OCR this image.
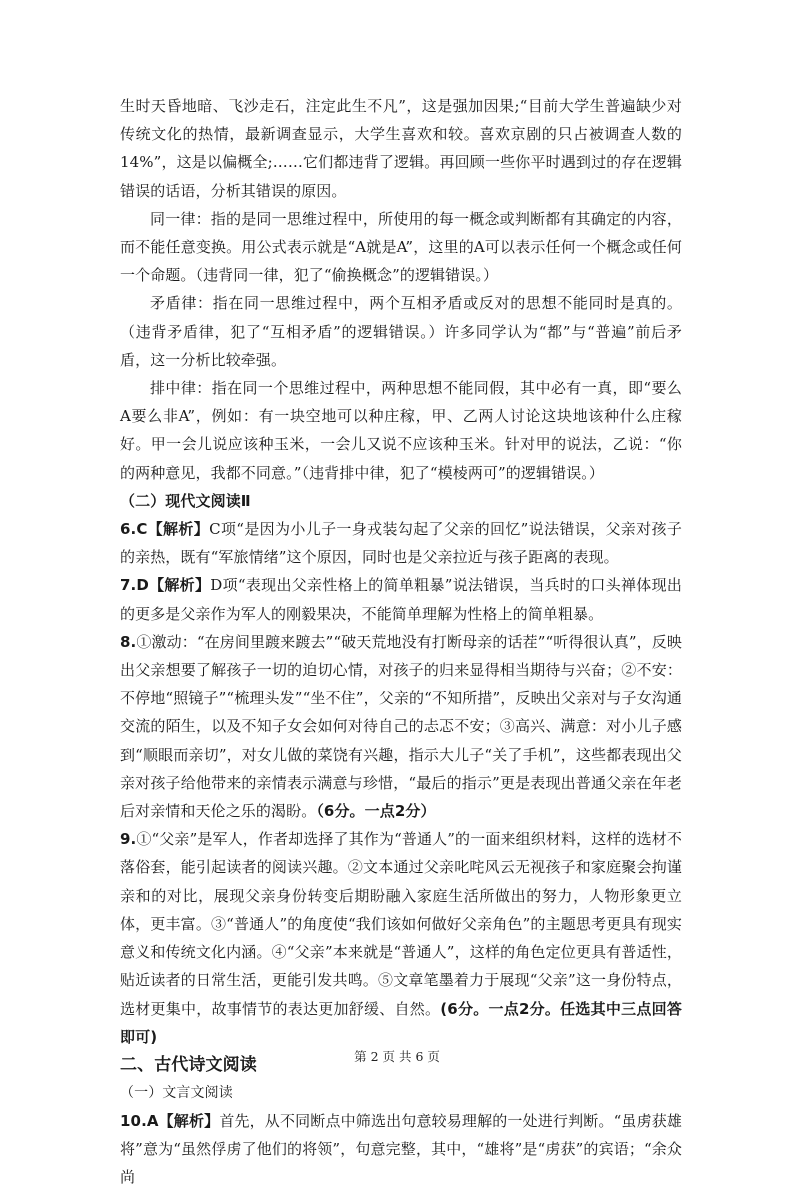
生时天昏地暗、飞沙走石，注定此生不凡”，这是强加因果;“目前大学生普遍缺少对传统文化的热情，最新调查显示，大学生喜欢和较。喜欢京剧的只占被调查人数的14%”，这是以偏概全;……它们都违背了逻辑。再回顾一些你平时遇到过的存在逻辑错误的话语，分析其错误的原因。

同一律：指的是同一思维过程中，所使用的每一概念或判断都有其确定的内容，而不能任意变换。用公式表示就是“A就是A”，这里的A可以表示任何一个概念或任何一个命题。（违背同一律，犯了“偷换概念”的逻辑错误。）

矛盾律：指在同一思维过程中，两个互相矛盾或反对的思想不能同时是真的。（违背矛盾律，犯了“互相矛盾”的逻辑错误。）许多同学认为“都”与“普遍”前后矛盾，这一分析比较牵强。

排中律：指在同一个思维过程中，两种思想不能同假，其中必有一真，即“要么A要么非A”，例如：有一块空地可以种庄稼，甲、乙两人讨论这块地该种什么庄稼好。甲一会儿说应该种玉米，一会儿又说不应该种玉米。针对甲的说法，乙说：“你的两种意见，我都不同意。”（违背排中律，犯了“模棱两可”的逻辑错误。）

（二）现代文阅读Ⅱ

6.C【解析】C项“是因为小儿子一身戎装勾起了父亲的回忆”说法错误，父亲对孩子的亲热，既有“军旅情绪”这个原因，同时也是父亲拉近与孩子距离的表现。

7.D【解析】D项“表现出父亲性格上的简单粗暴”说法错误，当兵时的口头禅体现出的更多是父亲作为军人的刚毅果决，不能简单理解为性格上的简单粗暴。

8.①激动：“在房间里踱来踱去”“破天荒地没有打断母亲的话茬”“听得很认真”，反映出父亲想要了解孩子一切的迫切心情，对孩子的归来显得相当期待与兴奋；②不安：不停地“照镜子”“梳理头发”“坐不住”，父亲的“不知所措”，反映出父亲对与子女沟通交流的陌生，以及不知子女会如何对待自己的忐忑不安；③高兴、满意：对小儿子感到“顺眼而亲切”，对女儿做的菜饶有兴趣，指示大儿子“关了手机”，这些都表现出父亲对孩子给他带来的亲情表示满意与珍惜，“最后的指示”更是表现出普通父亲在年老后对亲情和天伦之乐的渴盼。（6分。一点2分）

9.①“父亲”是军人，作者却选择了其作为“普通人”的一面来组织材料，这样的选材不落俗套，能引起读者的阅读兴趣。②文本通过父亲叱咤风云无视孩子和家庭聚会拘谨亲和的对比，展现父亲身份转变后期盼融入家庭生活所做出的努力，人物形象更立体，更丰富。③“普通人”的角度使“我们该如何做好父亲角色”的主题思考更具有现实意义和传统文化内涵。④“父亲”本来就是“普通人”，这样的角色定位更具有普适性，贴近读者的日常生活，更能引发共鸣。⑤文章笔墨着力于展现“父亲”这一身份特点，选材更集中，故事情节的表达更加舒缓、自然。(6分。一点2分。任选其中三点回答即可)

二、古代诗文阅读

（一）文言文阅读

10.A【解析】首先，从不同断点中筛选出句意较易理解的一处进行判断。“虽虏获雄将”意为“虽然俘虏了他们的将领”，句意完整，其中，“雄将”是“虏获”的宾语；“余众尚

第 2 页 共 6 页
